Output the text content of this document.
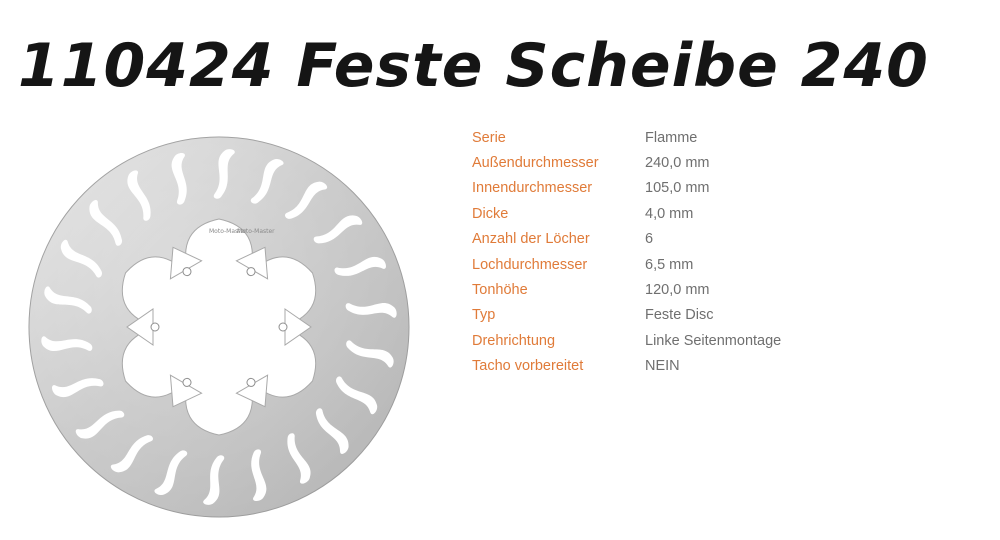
110424 Feste Scheibe 240
Moto-Master
Moto-Master
Serie	Flamme
Außendurchmesser	240,0 mm
Innendurchmesser	105,0 mm
Dicke	4,0 mm
Anzahl der Löcher	6
Lochdurchmesser	6,5 mm
Tonhöhe	120,0 mm
Typ	Feste Disc
Drehrichtung	Linke Seitenmontage
Tacho vorbereitet	NEIN
